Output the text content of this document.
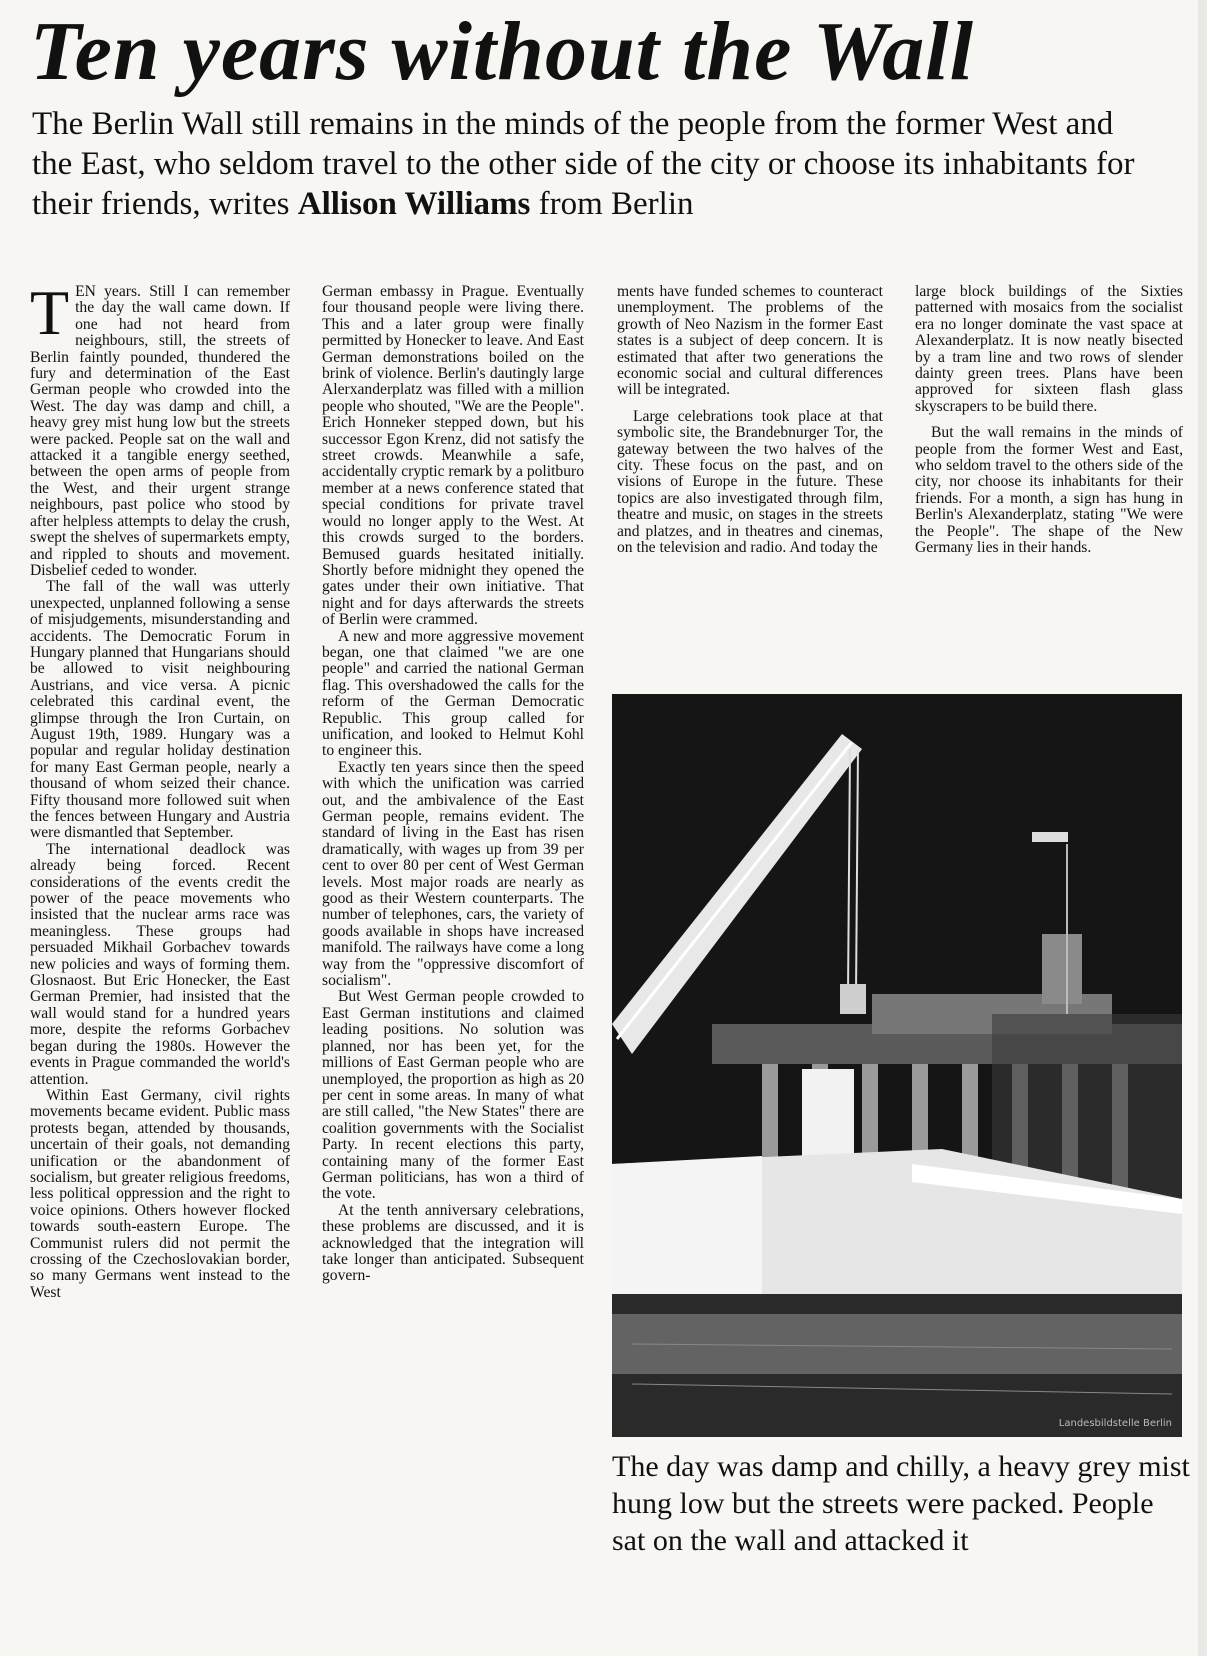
Ten years without the Wall

The Berlin Wall still remains in the minds of the people from the former West and the East, who seldom travel to the other side of the city or choose its inhabitants for their friends, writes Allison Williams from Berlin

TEN years. Still I can remember the day the wall came down. If one had not heard from neighbours, still, the streets of Berlin faintly pounded, thundered the fury and determination of the East German people who crowded into the West. The day was damp and chill, a heavy grey mist hung low but the streets were packed. People sat on the wall and attacked it a tangible energy seethed, between the open arms of people from the West, and their urgent strange neighbours, past police who stood by after helpless attempts to delay the crush, swept the shelves of supermarkets empty, and rippled to shouts and movement. Disbelief ceded to wonder.

The fall of the wall was utterly unexpected, unplanned following a sense of misjudgements, misunderstanding and accidents. The Democratic Forum in Hungary planned that Hungarians should be allowed to visit neighbouring Austrians, and vice versa. A picnic celebrated this cardinal event, the glimpse through the Iron Curtain, on August 19th, 1989. Hungary was a popular and regular holiday destination for many East German people, nearly a thousand of whom seized their chance. Fifty thousand more followed suit when the fences between Hungary and Austria were dismantled that September.

The international deadlock was already being forced. Recent considerations of the events credit the power of the peace movements who insisted that the nuclear arms race was meaningless. These groups had persuaded Mikhail Gorbachev towards new policies and ways of forming them. Glosnaost. But Eric Honecker, the East German Premier, had insisted that the wall would stand for a hundred years more, despite the reforms Gorbachev began during the 1980s. However the events in Prague commanded the world's attention.

Within East Germany, civil rights movements became evident. Public mass protests began, attended by thousands, uncertain of their goals, not demanding unification or the abandonment of socialism, but greater religious freedoms, less political oppression and the right to voice opinions. Others however flocked towards south-eastern Europe. The Communist rulers did not permit the crossing of the Czechoslovakian border, so many Germans went instead to the West

German embassy in Prague. Eventually four thousand people were living there. This and a later group were finally permitted by Honecker to leave. And East German demonstrations boiled on the brink of violence. Berlin's dautingly large Alerxanderplatz was filled with a million people who shouted, "We are the People". Erich Honneker stepped down, but his successor Egon Krenz, did not satisfy the street crowds. Meanwhile a safe, accidentally cryptic remark by a politburo member at a news conference stated that special conditions for private travel would no longer apply to the West. At this crowds surged to the borders. Bemused guards hesitated initially. Shortly before midnight they opened the gates under their own initiative. That night and for days afterwards the streets of Berlin were crammed.

A new and more aggressive movement began, one that claimed "we are one people" and carried the national German flag. This overshadowed the calls for the reform of the German Democratic Republic. This group called for unification, and looked to Helmut Kohl to engineer this.

Exactly ten years since then the speed with which the unification was carried out, and the ambivalence of the East German people, remains evident. The standard of living in the East has risen dramatically, with wages up from 39 per cent to over 80 per cent of West German levels. Most major roads are nearly as good as their Western counterparts. The number of telephones, cars, the variety of goods available in shops have increased manifold. The railways have come a long way from the "oppressive discomfort of socialism".

But West German people crowded to East German institutions and claimed leading positions. No solution was planned, nor has been yet, for the millions of East German people who are unemployed, the proportion as high as 20 per cent in some areas. In many of what are still called, "the New States" there are coalition governments with the Socialist Party. In recent elections this party, containing many of the former East German politicians, has won a third of the vote.

At the tenth anniversary celebrations, these problems are discussed, and it is acknowledged that the integration will take longer than anticipated. Subsequent govern-

ments have funded schemes to counteract unemployment. The problems of the growth of Neo Nazism in the former East states is a subject of deep concern. It is estimated that after two generations the economic social and cultural differences will be integrated.

Large celebrations took place at that symbolic site, the Brandebnurger Tor, the gateway between the two halves of the city. These focus on the past, and on visions of Europe in the future. These topics are also investigated through film, theatre and music, on stages in the streets and platzes, and in theatres and cinemas, on the television and radio. And today the

large block buildings of the Sixties patterned with mosaics from the socialist era no longer dominate the vast space at Alexanderplatz. It is now neatly bisected by a tram line and two rows of slender dainty green trees. Plans have been approved for sixteen flash glass skyscrapers to be build there.

But the wall remains in the minds of people from the former West and East, who seldom travel to the others side of the city, nor choose its inhabitants for their friends. For a month, a sign has hung in Berlin's Alexanderplatz, stating "We were the People". The shape of the New Germany lies in their hands.

Landesbildstelle Berlin

The day was damp and chilly, a heavy grey mist hung low but the streets were packed. People sat on the wall and attacked it
